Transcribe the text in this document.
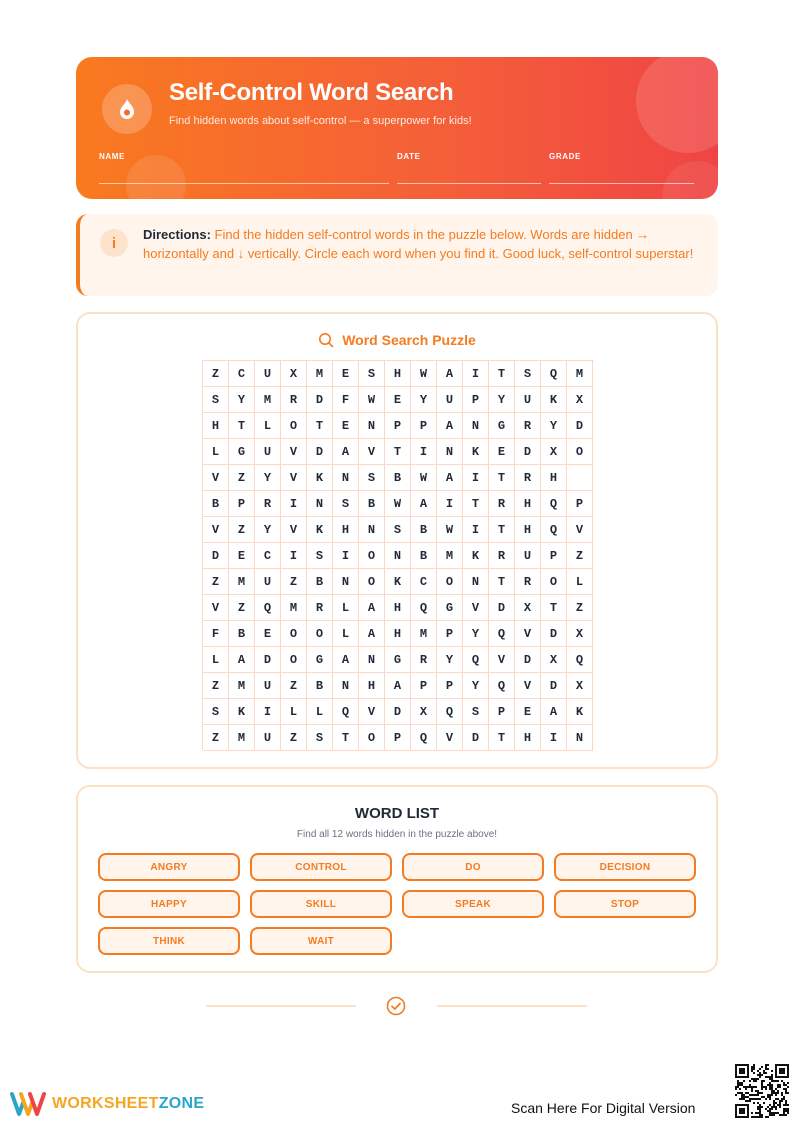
Self-Control Word Search
Find hidden words about self-control — a superpower for kids!
NAME	DATE	GRADE
i Directions: Find the hidden self-control words in the puzzle below. Words are hidden → horizontally and ↓ vertically. Circle each word when you find it. Good luck, self-control superstar!
Word Search Puzzle
Z	C	U	X	M	E	S	H	W	A	I	T	S	Q	M
S	Y	M	R	D	F	W	E	Y	U	P	Y	U	K	X
H	T	L	O	T	E	N	P	P	A	N	G	R	Y	D
L	G	U	V	D	A	V	T	I	N	K	E	D	X	O
V	Z	Y	V	K	N	S	B	W	A	I	T	R	H
B	P	R	I	N	S	B	W	A	I	T	R	H	Q	P
V	Z	Y	V	K	H	N	S	B	W	I	T	H	Q	V
D	E	C	I	S	I	O	N	B	M	K	R	U	P	Z
Z	M	U	Z	B	N	O	K	C	O	N	T	R	O	L
V	Z	Q	M	R	L	A	H	Q	G	V	D	X	T	Z
F	B	E	O	O	L	A	H	M	P	Y	Q	V	D	X
L	A	D	O	G	A	N	G	R	Y	Q	V	D	X	Q
Z	M	U	Z	B	N	H	A	P	P	Y	Q	V	D	X
S	K	I	L	L	Q	V	D	X	Q	S	P	E	A	K
Z	M	U	Z	S	T	O	P	Q	V	D	T	H	I	N
WORD LIST
Find all 12 words hidden in the puzzle above!
ANGRY	CONTROL	DO	DECISION
HAPPY	SKILL	SPEAK	STOP
THINK	WAIT
WORKSHEETZONE	Scan Here For Digital Version
